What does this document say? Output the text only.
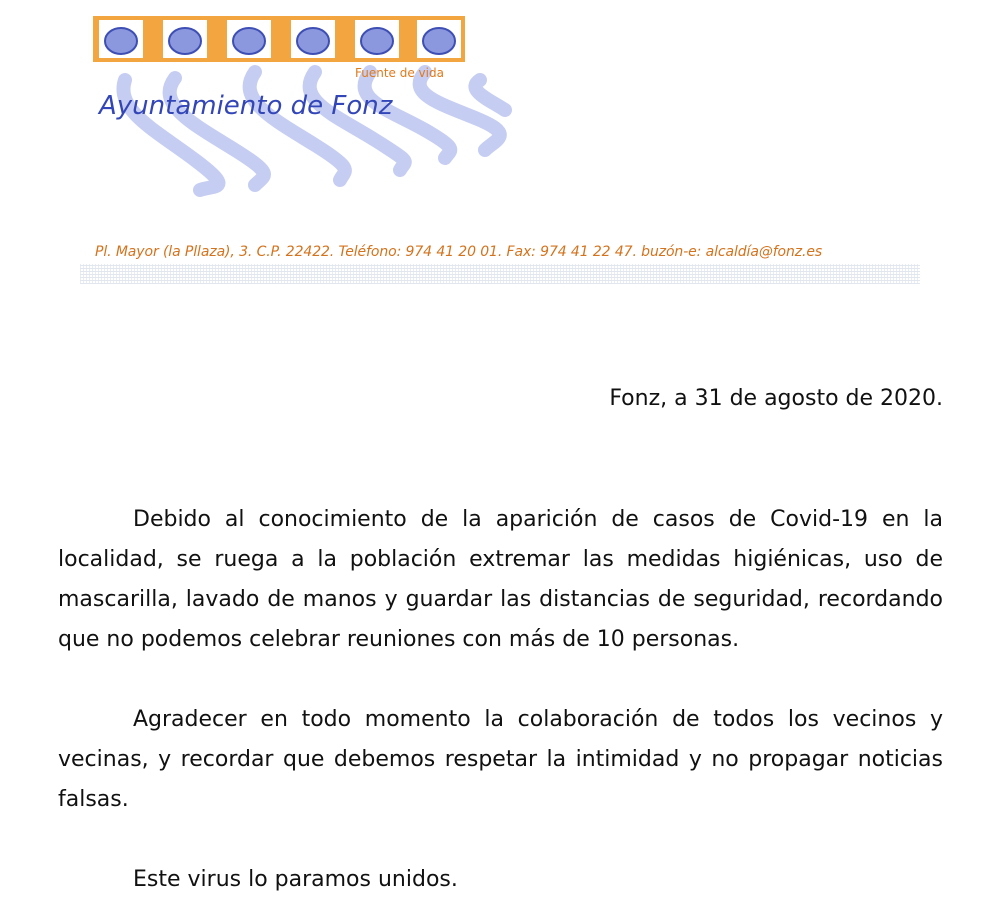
Fuente de vida
Ayuntamiento de Fonz
Pl. Mayor (la Pllaza), 3. C.P. 22422. Teléfono: 974 41 20 01. Fax: 974 41 22 47. buzón-e: alcaldía@fonz.es
Fonz, a 31 de agosto de 2020.

Debido al conocimiento de la aparición de casos de Covid-19 en la localidad, se ruega a la población extremar las medidas higiénicas, uso de mascarilla, lavado de manos y guardar las distancias de seguridad, recordando que no podemos celebrar reuniones con más de 10 personas.

Agradecer en todo momento la colaboración de todos los vecinos y vecinas, y recordar que debemos respetar la intimidad y no propagar noticias falsas.

Este virus lo paramos unidos.
